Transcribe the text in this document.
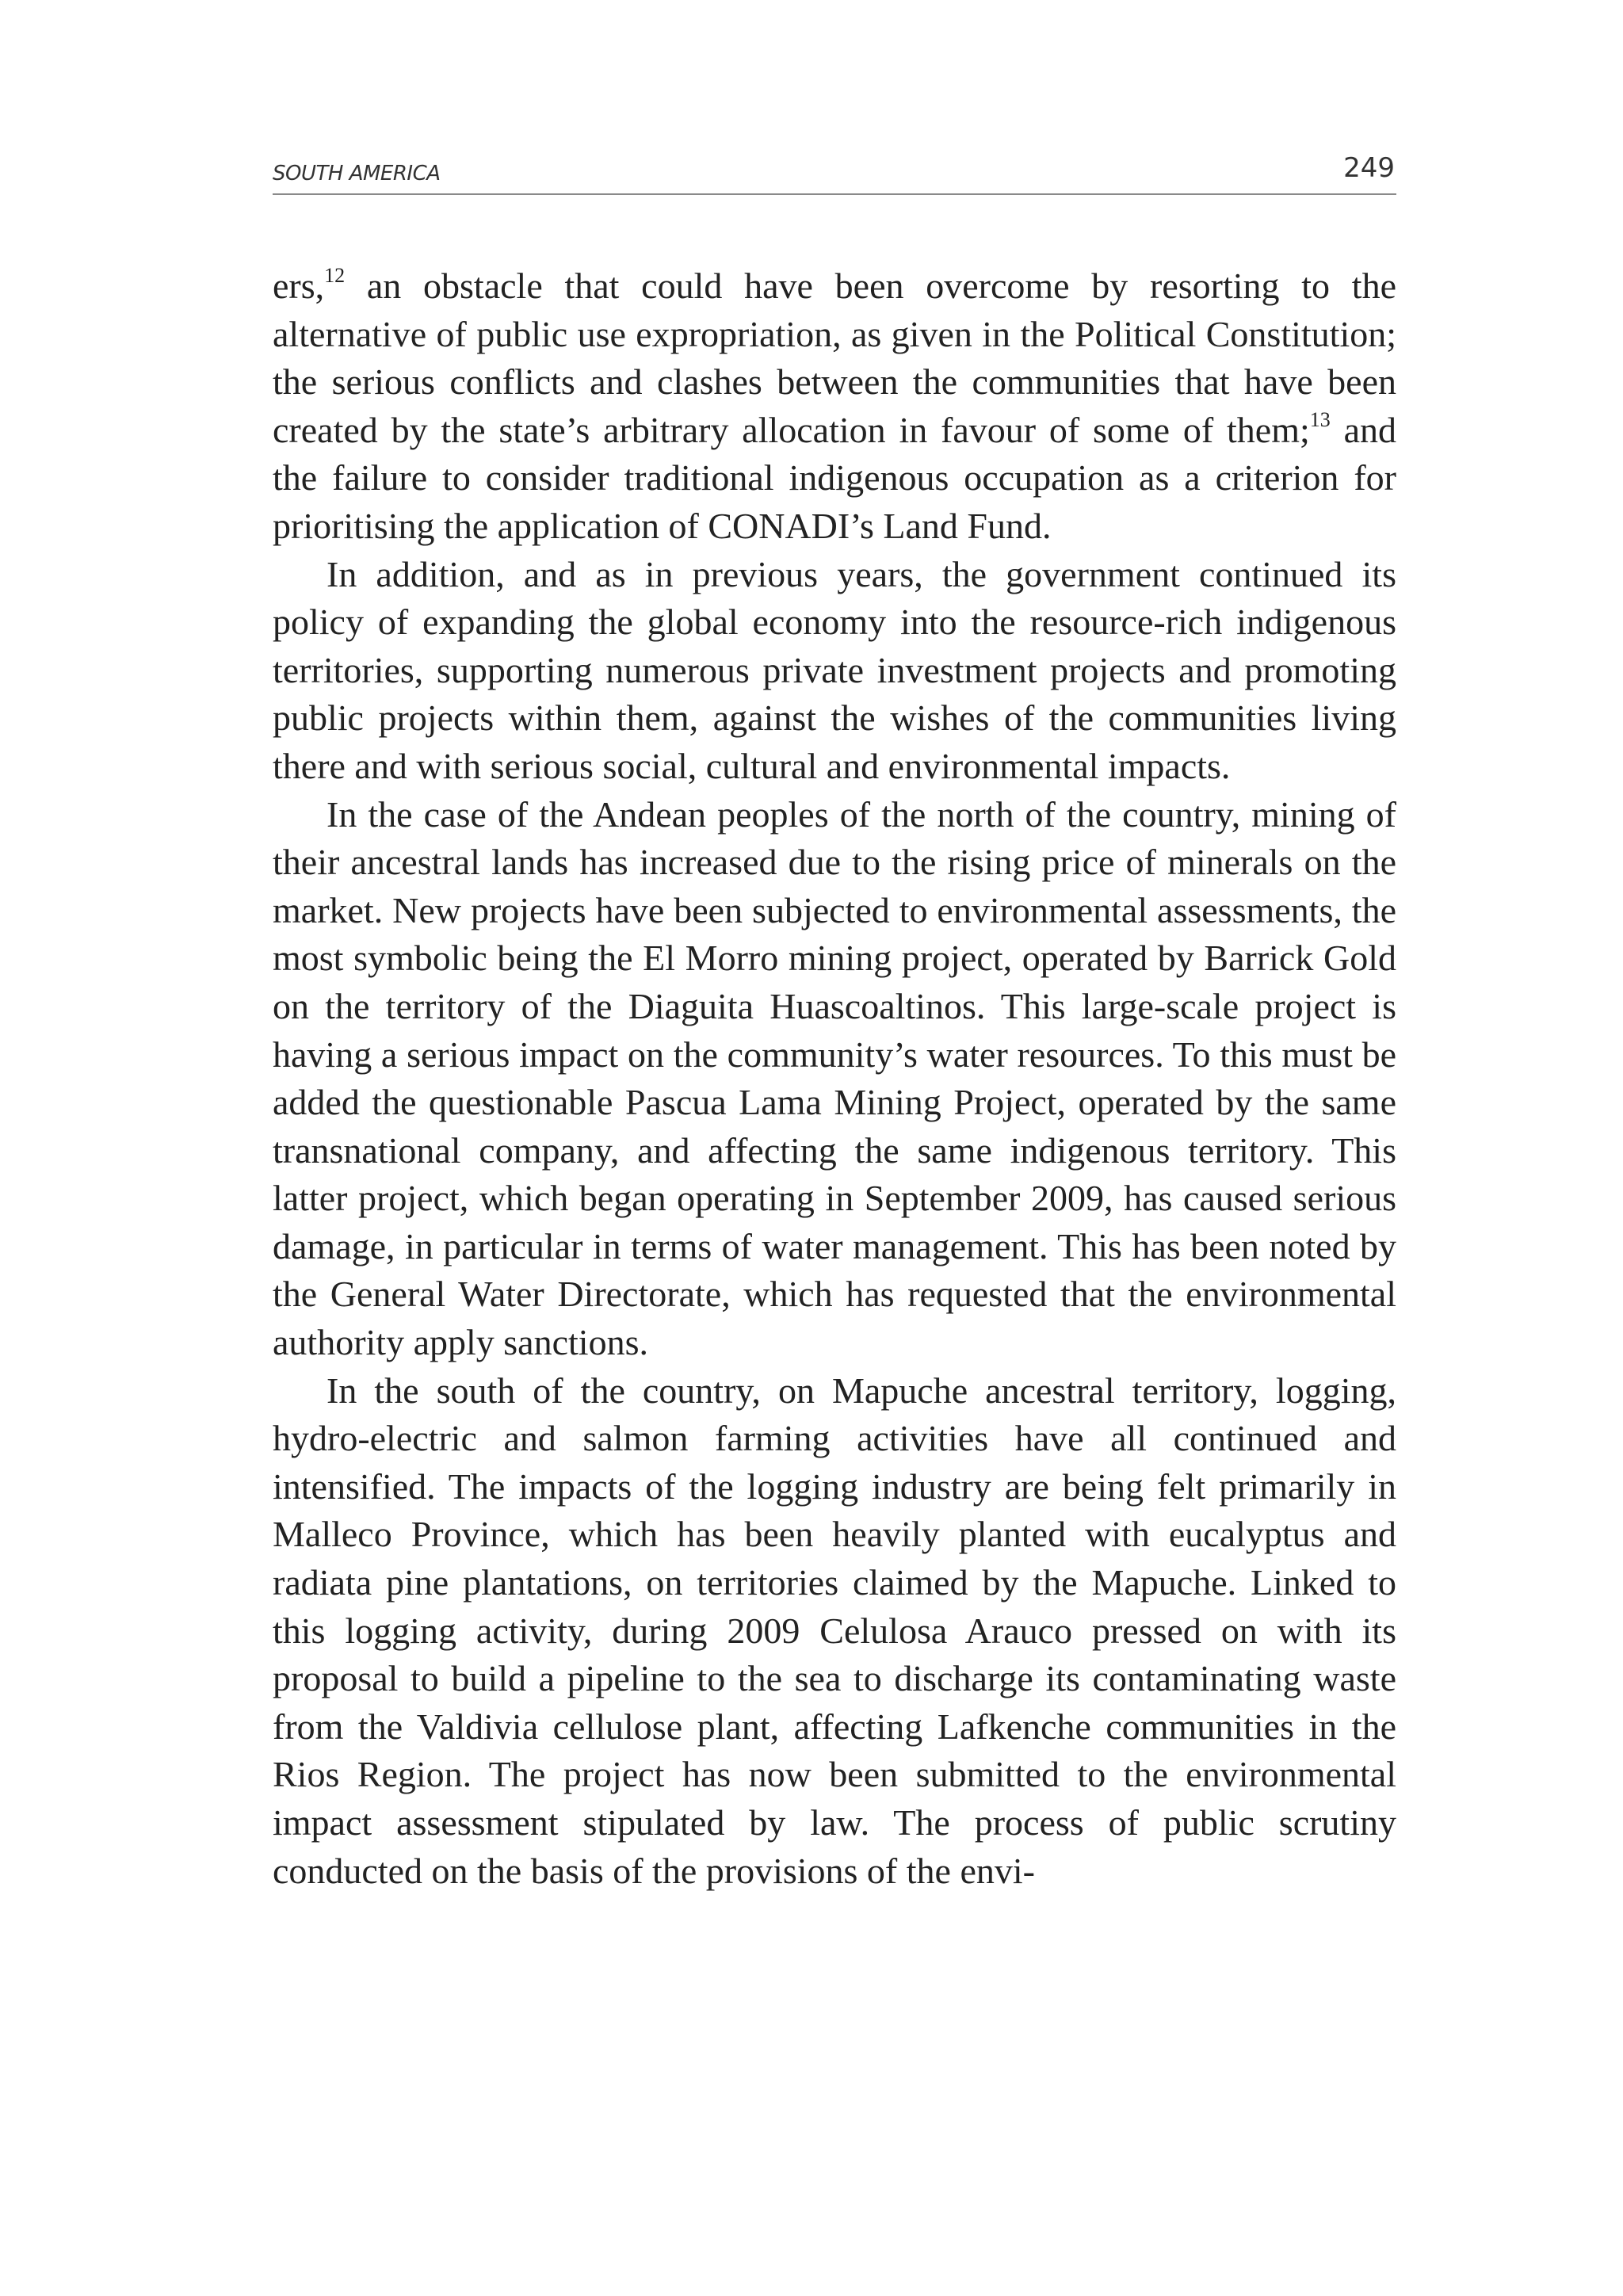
SOUTH AMERICA	249

ers,$^{12}$ an obstacle that could have been overcome by resorting to the alternative of public use expropriation, as given in the Political Constitution; the serious conflicts and clashes between the communities that have been created by the state’s arbitrary allocation in favour of some of them;$^{13}$ and the failure to consider traditional indigenous occupation as a criterion for prioritising the application of CONADI’s Land Fund.

In addition, and as in previous years, the government continued its policy of expanding the global economy into the resource-rich indigenous territories, supporting numerous private investment projects and promoting public projects within them, against the wishes of the communities living there and with serious social, cultural and environmental impacts.

In the case of the Andean peoples of the north of the country, mining of their ancestral lands has increased due to the rising price of minerals on the market. New projects have been subjected to environmental assessments, the most symbolic being the El Morro mining project, operated by Barrick Gold on the territory of the Diaguita Huascoaltinos. This large-scale project is having a serious impact on the community’s water resources. To this must be added the questionable Pascua Lama Mining Project, operated by the same transnational company, and affecting the same indigenous territory. This latter project, which began operating in September 2009, has caused serious damage, in particular in terms of water management. This has been noted by the General Water Directorate, which has requested that the environmental authority apply sanctions.

In the south of the country, on Mapuche ancestral territory, logging, hydro-electric and salmon farming activities have all continued and intensified. The impacts of the logging industry are being felt primarily in Malleco Province, which has been heavily planted with eucalyptus and radiata pine plantations, on territories claimed by the Mapuche. Linked to this logging activity, during 2009 Celulosa Arauco pressed on with its proposal to build a pipeline to the sea to discharge its contaminating waste from the Valdivia cellulose plant, affecting Lafkenche communities in the Rios Region. The project has now been submitted to the environmental impact assessment stipulated by law. The process of public scrutiny conducted on the basis of the provisions of the envi-
